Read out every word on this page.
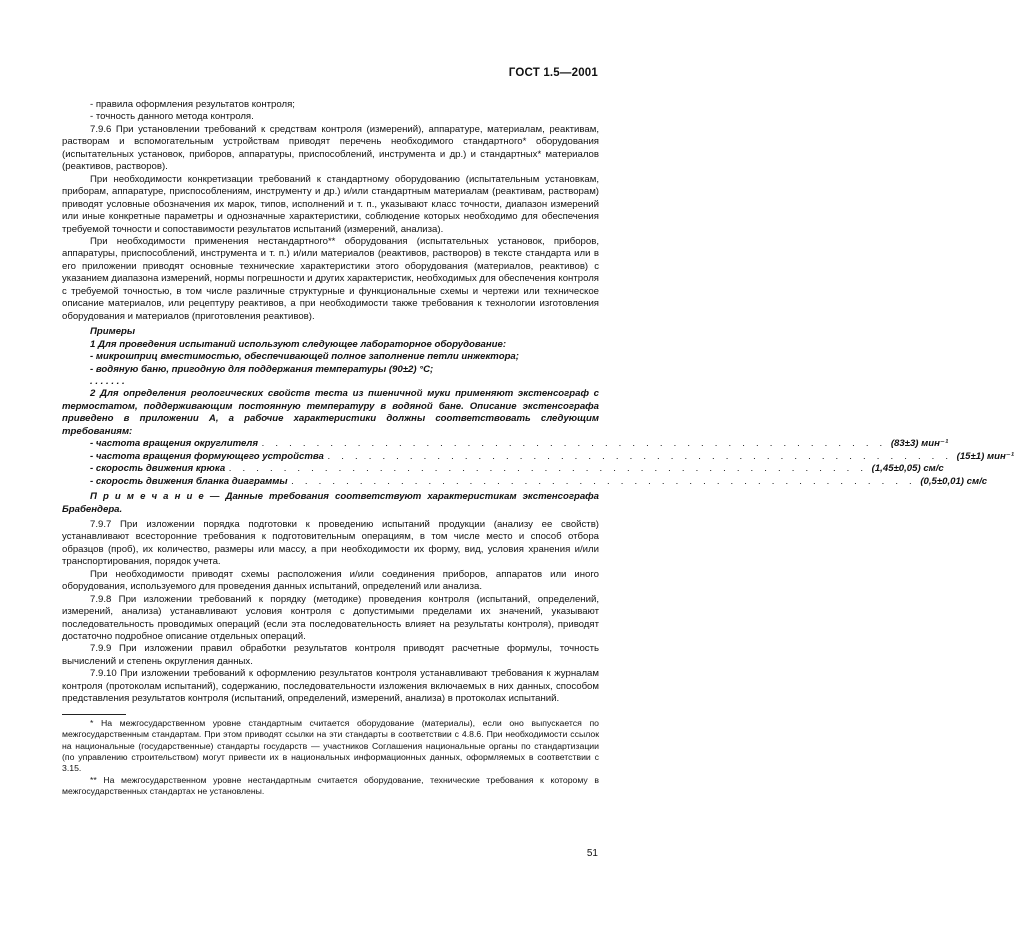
ГОСТ 1.5—2001

- правила оформления результатов контроля;

- точность данного метода контроля.

7.9.6 При установлении требований к средствам контроля (измерений), аппаратуре, материалам, реактивам, растворам и вспомогательным устройствам приводят перечень необходимого стандартного* оборудования (испытательных установок, приборов, аппаратуры, приспособлений, инструмента и др.) и стандартных* материалов (реактивов, растворов).

При необходимости конкретизации требований к стандартному оборудованию (испытательным установкам, приборам, аппаратуре, приспособлениям, инструменту и др.) и/или стандартным материалам (реактивам, растворам) приводят условные обозначения их марок, типов, исполнений и т. п., указывают класс точности, диапазон измерений или иные конкретные параметры и однозначные характеристики, соблюдение которых необходимо для обеспечения требуемой точности и сопоставимости результатов испытаний (измерений, анализа).

При необходимости применения нестандартного** оборудования (испытательных установок, приборов, аппаратуры, приспособлений, инструмента и т. п.) и/или материалов (реактивов, растворов) в тексте стандарта или в его приложении приводят основные технические характеристики этого оборудования (материалов, реактивов) с указанием диапазона измерений, нормы погрешности и других характеристик, необходимых для обеспечения контроля с требуемой точностью, в том числе различные структурные и функциональные схемы и чертежи или техническое описание материалов, или рецептуру реактивов, а при необходимости также требования к технологии изготовления оборудования и материалов (приготовления реактивов).

Примеры

1 Для проведения испытаний используют следующее лабораторное оборудование:

- микрошприц вместимостью, обеспечивающей полное заполнение петли инжектора;

- водяную баню, пригодную для поддержания температуры (90±2) °С;

. . . . . . .

2 Для определения реологических свойств теста из пшеничной муки применяют экстенсограф с термостатом, поддерживающим постоянную температуру в водяной бане. Описание экстенсографа приведено в приложении А, а рабочие характеристики должны соответствовать следующим требованиям:

- частота вращения округлителя . . . . . . . . . . . . . . . . . . . . . . . . . . . . . . . . . . . . . . . . . . . . . . (83±3) мин⁻¹
- частота вращения формующего устройства . . . . . . . . . . . . . . . . . . . . . . . . . . . . . . . . . . . . . . . . . . . . . . (15±1) мин⁻¹
- скорость движения крюка . . . . . . . . . . . . . . . . . . . . . . . . . . . . . . . . . . . . . . . . . . . . . . . (1,45±0,05) см/с
- скорость движения бланка диаграммы . . . . . . . . . . . . . . . . . . . . . . . . . . . . . . . . . . . . . . . . . . . . . . (0,5±0,01) см/с

П р и м е ч а н и е — Данные требования соответствуют характеристикам экстенсографа Брабендера.

7.9.7 При изложении порядка подготовки к проведению испытаний продукции (анализу ее свойств) устанавливают всесторонние требования к подготовительным операциям, в том числе место и способ отбора образцов (проб), их количество, размеры или массу, а при необходимости их форму, вид, условия хранения и/или транспортирования, порядок учета.

При необходимости приводят схемы расположения и/или соединения приборов, аппаратов или иного оборудования, используемого для проведения данных испытаний, определений или анализа.

7.9.8 При изложении требований к порядку (методике) проведения контроля (испытаний, определений, измерений, анализа) устанавливают условия контроля с допустимыми пределами их значений, указывают последовательность проводимых операций (если эта последовательность влияет на результаты контроля), приводят достаточно подробное описание отдельных операций.

7.9.9 При изложении правил обработки результатов контроля приводят расчетные формулы, точность вычислений и степень округления данных.

7.9.10 При изложении требований к оформлению результатов контроля устанавливают требования к журналам контроля (протоколам испытаний), содержанию, последовательности изложения включаемых в них данных, способом представления результатов контроля (испытаний, определений, измерений, анализа) в протоколах испытаний.

* На межгосударственном уровне стандартным считается оборудование (материалы), если оно выпускается по межгосударственным стандартам. При этом приводят ссылки на эти стандарты в соответствии с 4.8.6. При необходимости ссылок на национальные (государственные) стандарты государств — участников Соглашения национальные органы по стандартизации (по управлению строительством) могут привести их в национальных информационных данных, оформляемых в соответствии с 3.15.

** На межгосударственном уровне нестандартным считается оборудование, технические требования к которому в межгосударственных стандартах не установлены.

51
